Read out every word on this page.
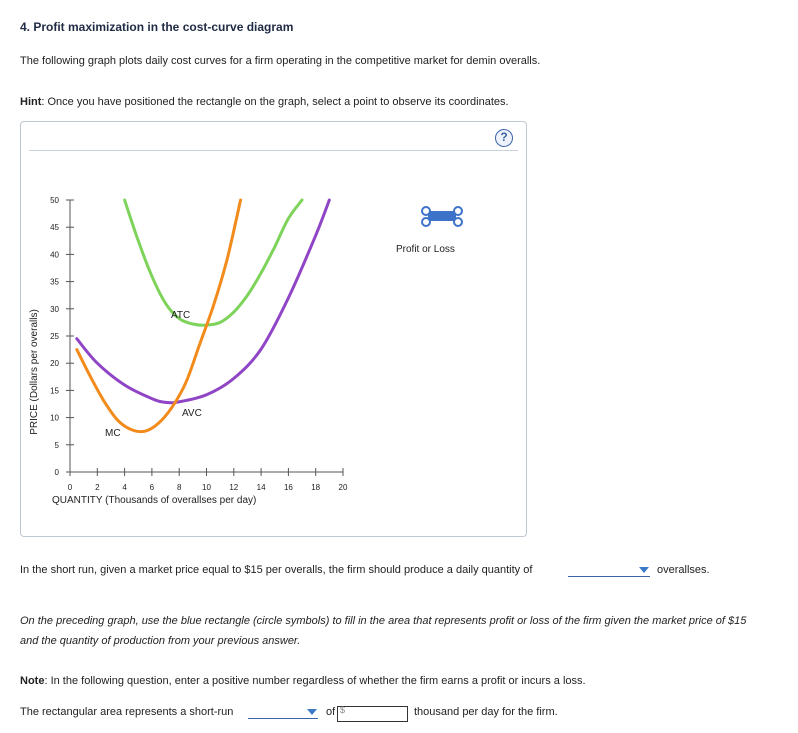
4. Profit maximization in the cost-curve diagram
The following graph plots daily cost curves for a firm operating in the competitive market for demin overalls.
Hint: Once you have positioned the rectangle on the graph, select a point to observe its coordinates.
?
0
5
10
15
20
25
30
35
40
45
50
0	2	4	6	8	10 12 14 16 18 20
PRICE (Dollars per overalls)
QUANTITY (Thousands of overallses per day)
ATC
AVC
MC
Profit or Loss
In the short run, given a market price equal to $15 per overalls, the firm should produce a daily quantity of	overallses.
On the preceding graph, use the blue rectangle (circle symbols) to fill in the area that represents profit or loss of the firm given the market price of $15
and the quantity of production from your previous answer.
Note: In the following question, enter a positive number regardless of whether the firm earns a profit or incurs a loss.
The rectangular area represents a short-run	of $	thousand per day for the firm.
